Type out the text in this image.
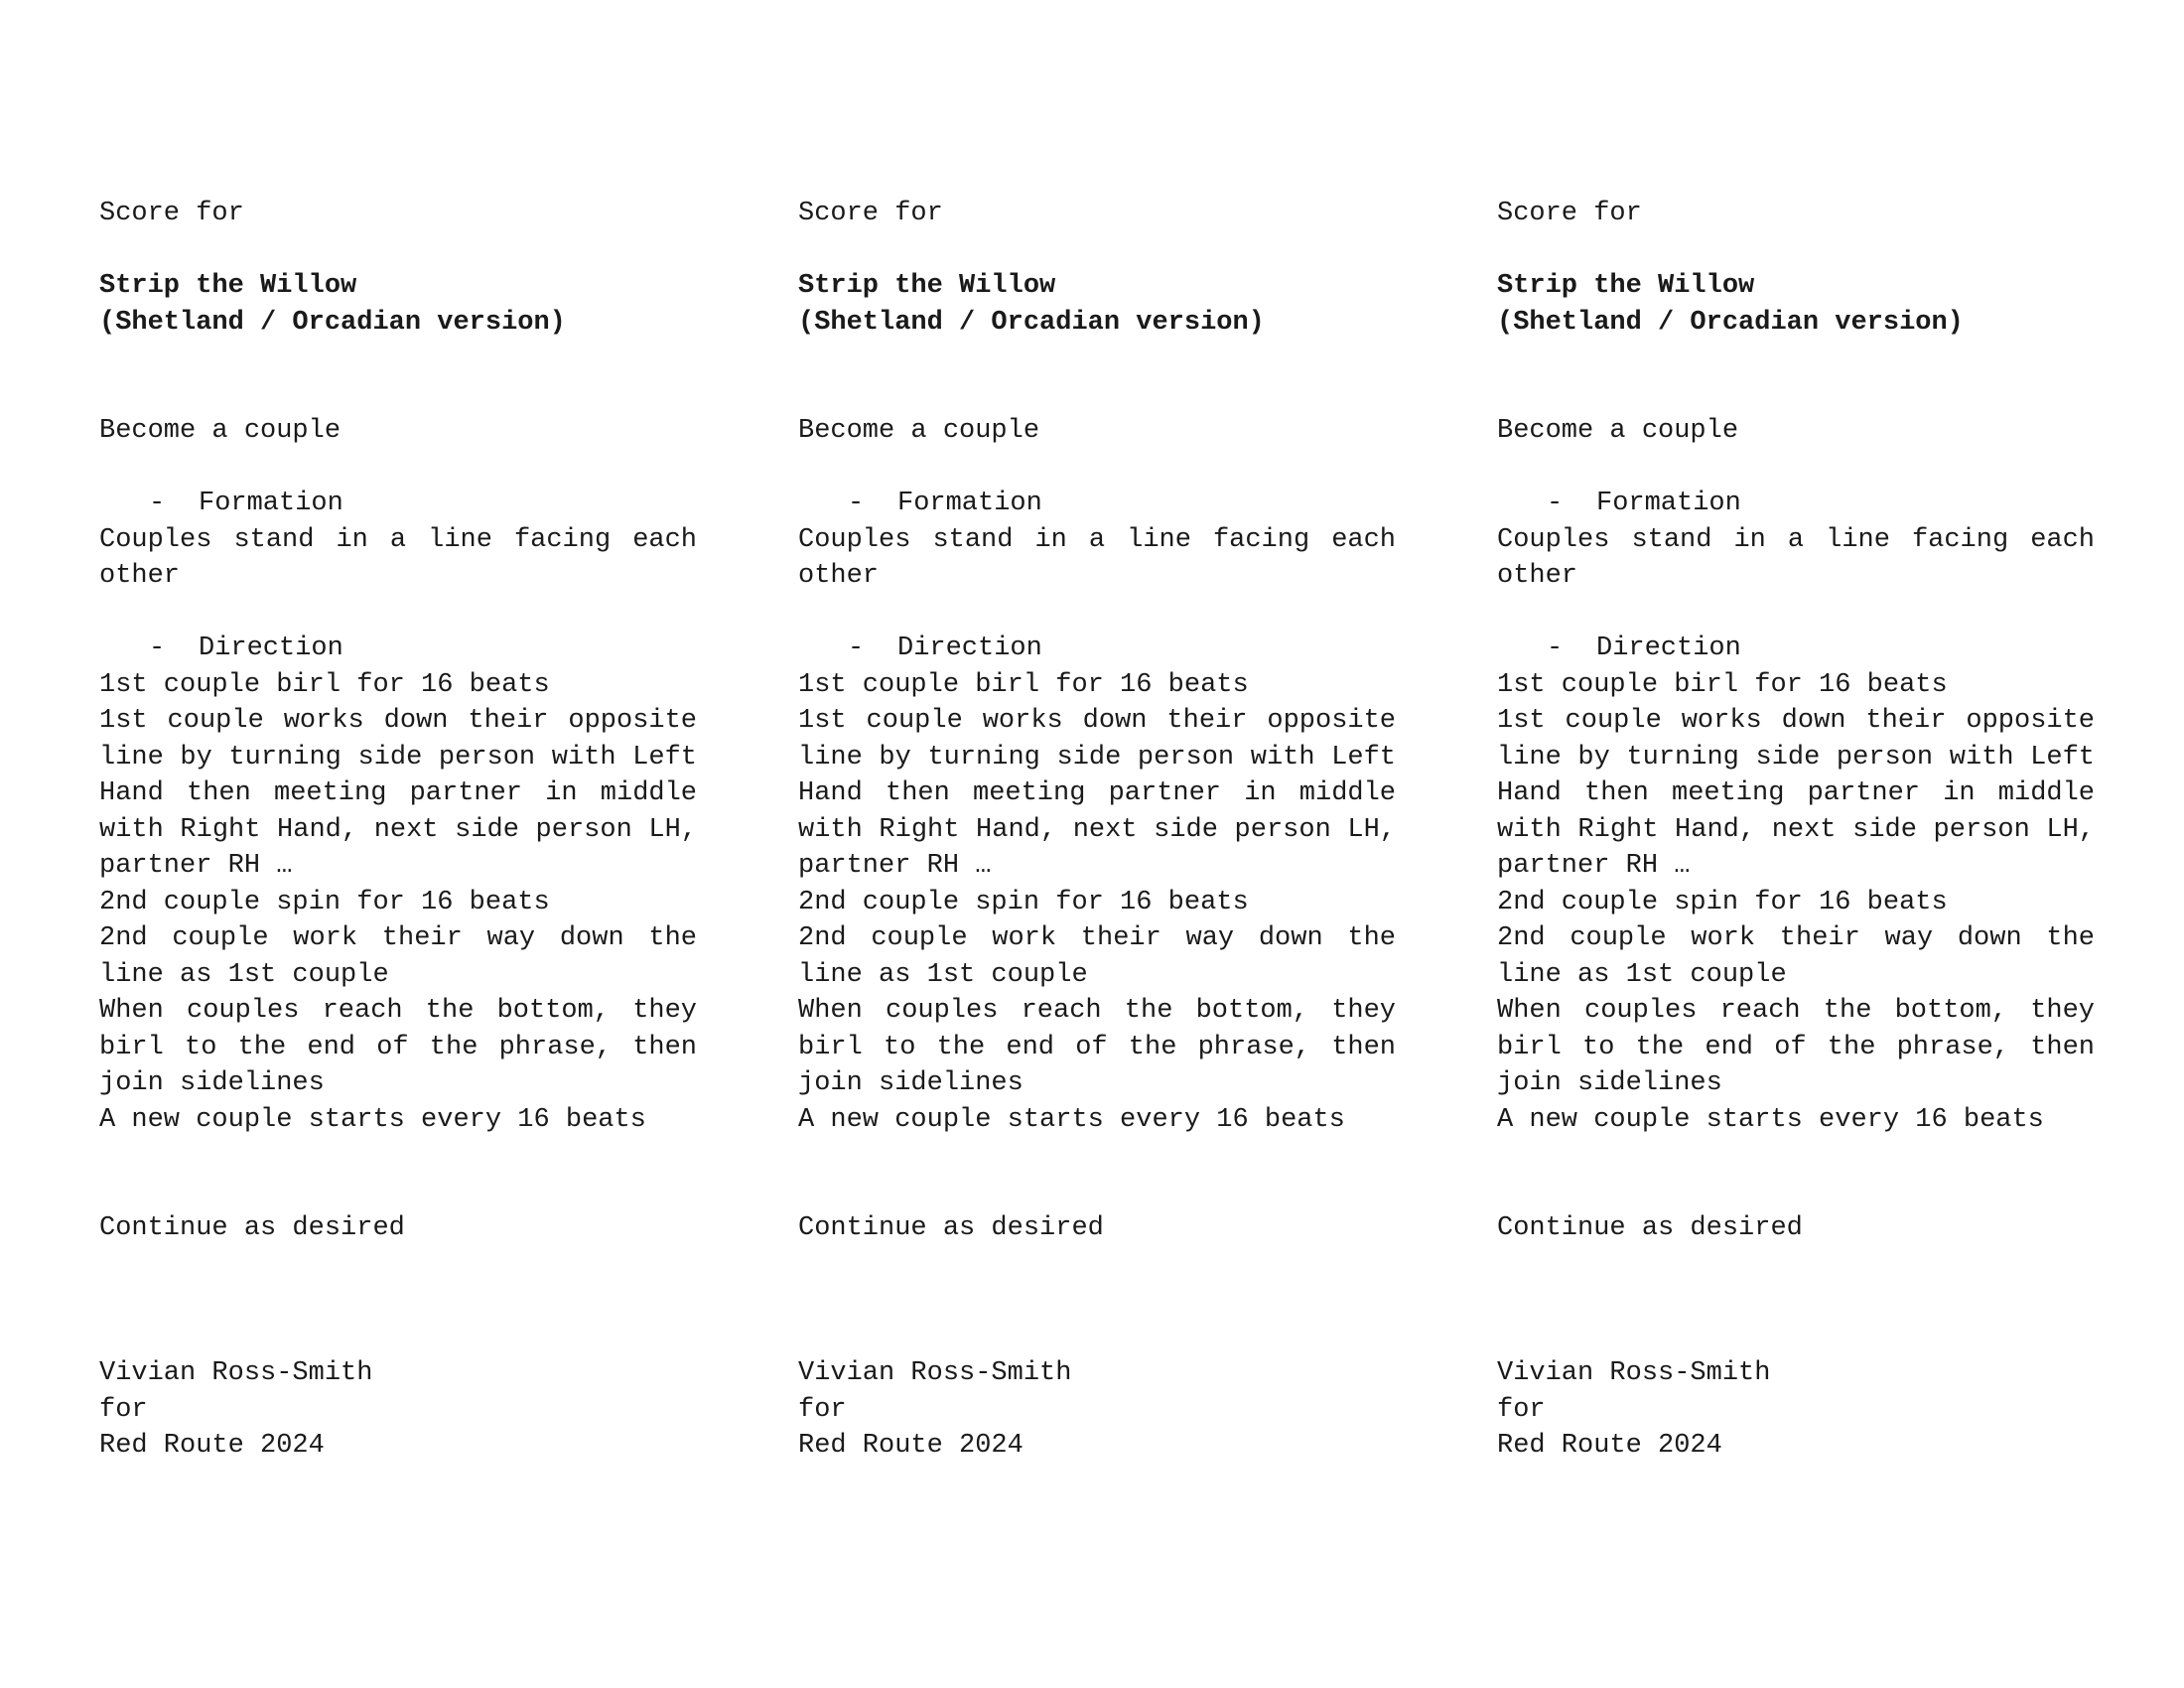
Score for
Strip the Willow
(Shetland / Orcadian version)
Become a couple
- Formation
Couples stand in a line facing each other
- Direction
1st couple birl for 16 beats
1st couple works down their opposite line by turning side person with Left Hand then meeting partner in middle with Right Hand, next side person LH, partner RH …
2nd couple spin for 16 beats
2nd couple work their way down the line as 1st couple
When couples reach the bottom, they birl to the end of the phrase, then join sidelines
A new couple starts every 16 beats
Continue as desired
Vivian Ross-Smith
for
Red Route 2024
Score for
Strip the Willow
(Shetland / Orcadian version)
Become a couple
- Formation
Couples stand in a line facing each other
- Direction
1st couple birl for 16 beats
1st couple works down their opposite line by turning side person with Left Hand then meeting partner in middle with Right Hand, next side person LH, partner RH …
2nd couple spin for 16 beats
2nd couple work their way down the line as 1st couple
When couples reach the bottom, they birl to the end of the phrase, then join sidelines
A new couple starts every 16 beats
Continue as desired
Vivian Ross-Smith
for
Red Route 2024
Score for
Strip the Willow
(Shetland / Orcadian version)
Become a couple
- Formation
Couples stand in a line facing each other
- Direction
1st couple birl for 16 beats
1st couple works down their opposite line by turning side person with Left Hand then meeting partner in middle with Right Hand, next side person LH, partner RH …
2nd couple spin for 16 beats
2nd couple work their way down the line as 1st couple
When couples reach the bottom, they birl to the end of the phrase, then join sidelines
A new couple starts every 16 beats
Continue as desired
Vivian Ross-Smith
for
Red Route 2024
